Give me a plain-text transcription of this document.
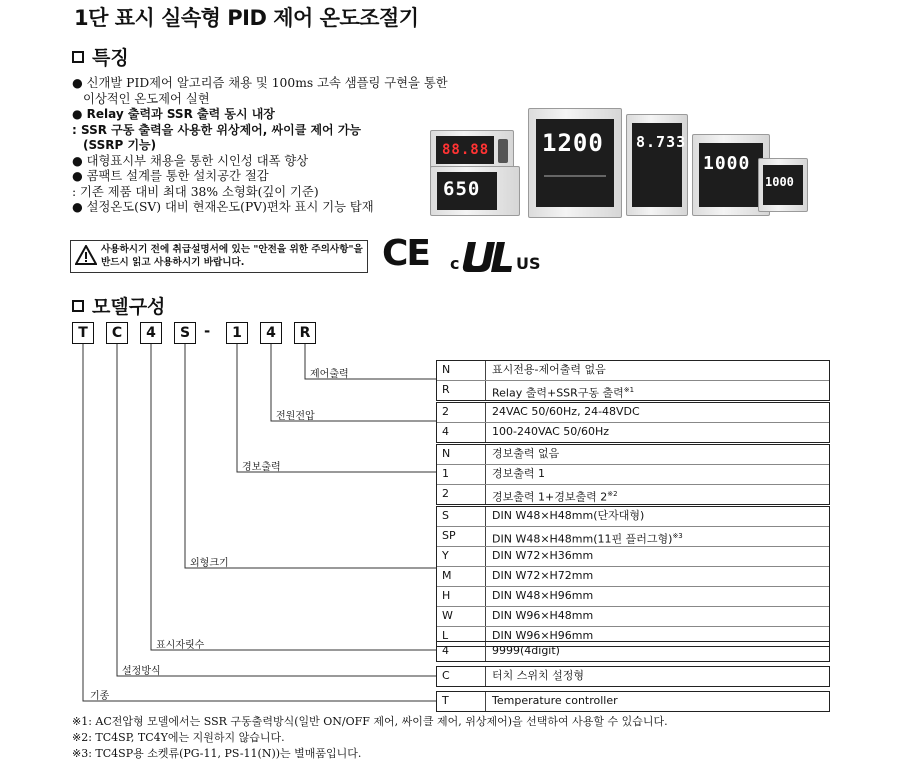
1단 표시 실속형 PID 제어 온도조절기
특징
● 신개발 PID제어 알고리즘 채용 및 100ms 고속 샘플링 구현을 통한
이상적인 온도제어 실현
● Relay 출력과 SSR 출력 동시 내장
: SSR 구동 출력을 사용한 위상제어, 싸이클 제어 가능
(SSRP 기능)
● 대형표시부 채용을 통한 시인성 대폭 향상
● 콤팩트 설계를 통한 설치공간 절감
: 기존 제품 대비 최대 38% 소형화(깊이 기준)
● 설정온도(SV) 대비 현재온도(PV)편차 표시 기능 탑재
88.88
650
1200 8.733
1000
1000
사용하시기 전에 취급설명서에 있는 "안전을 위한 주의사항"을
반드시 읽고 사용하시기 바랍니다.	CE c	US
모델구성
T	C	4	S -	1	4	R
제어출력
전원전압
경보출력
외형크기
표시자릿수
설정방식
기종
N	표시전용-제어출력 없음
R	Relay 출력+SSR구동 출력$^{※1}$
2	24VAC 50/60Hz, 24-48VDC
4	100-240VAC 50/60Hz
N	경보출력 없음
1	경보출력 1
2	경보출력 1+경보출력 2$^{※2}$
S	DIN W48×H48mm(단자대형)
SP	DIN W48×H48mm(11핀 플러그형)$^{※3}$
Y	DIN W72×H36mm
M	DIN W72×H72mm
H	DIN W48×H96mm
W	DIN W96×H48mm
L	DIN W96×H96mm
4	9999(4digit)
C	터치 스위치 설정형
T	Temperature controller
※1: AC전압형 모델에서는 SSR 구동출력방식(일반 ON/OFF 제어, 싸이클 제어, 위상제어)을 선택하여 사용할 수 있습니다.
※2: TC4SP, TC4Y에는 지원하지 않습니다.
※3: TC4SP용 소켓류(PG-11, PS-11(N))는 별매품입니다.
